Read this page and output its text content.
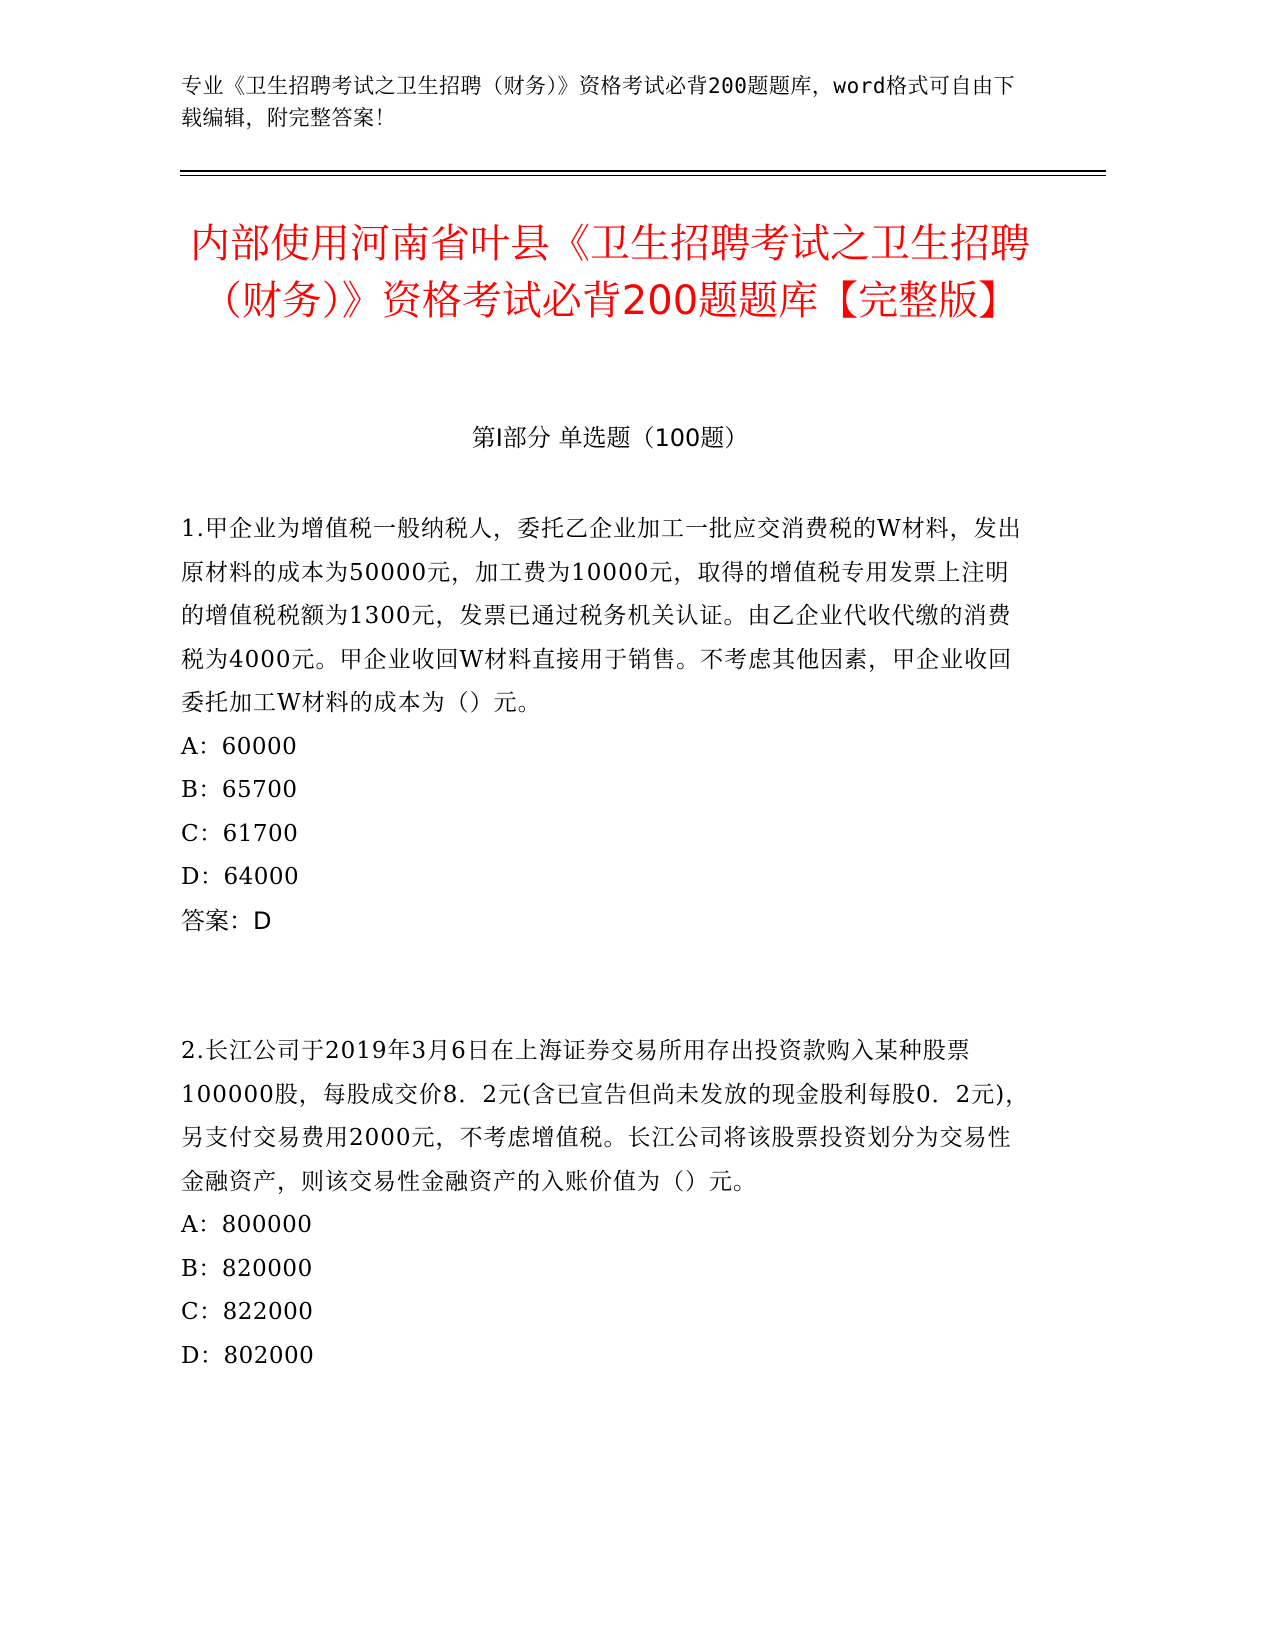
专业《卫生招聘考试之卫生招聘（财务）》资格考试必背200题题库，word格式可自由下载编辑，附完整答案！
内部使用河南省叶县《卫生招聘考试之卫生招聘（财务）》资格考试必背200题题库【完整版】
第Ⅰ部分 单选题（100题）

1.甲企业为增值税一般纳税人，委托乙企业加工一批应交消费税的W材料，发出原材料的成本为50000元，加工费为10000元，取得的增值税专用发票上注明的增值税税额为1300元，发票已通过税务机关认证。由乙企业代收代缴的消费税为4000元。甲企业收回W材料直接用于销售。不考虑其他因素，甲企业收回委托加工W材料的成本为（）元。

A：60000

B：65700

C：61700

D：64000

答案：D

2.长江公司于2019年3月6日在上海证券交易所用存出投资款购入某种股票100000股，每股成交价8．2元(含已宣告但尚未发放的现金股利每股0．2元)，另支付交易费用2000元，不考虑增值税。长江公司将该股票投资划分为交易性金融资产，则该交易性金融资产的入账价值为（）元。

A：800000

B：820000

C：822000

D：802000
